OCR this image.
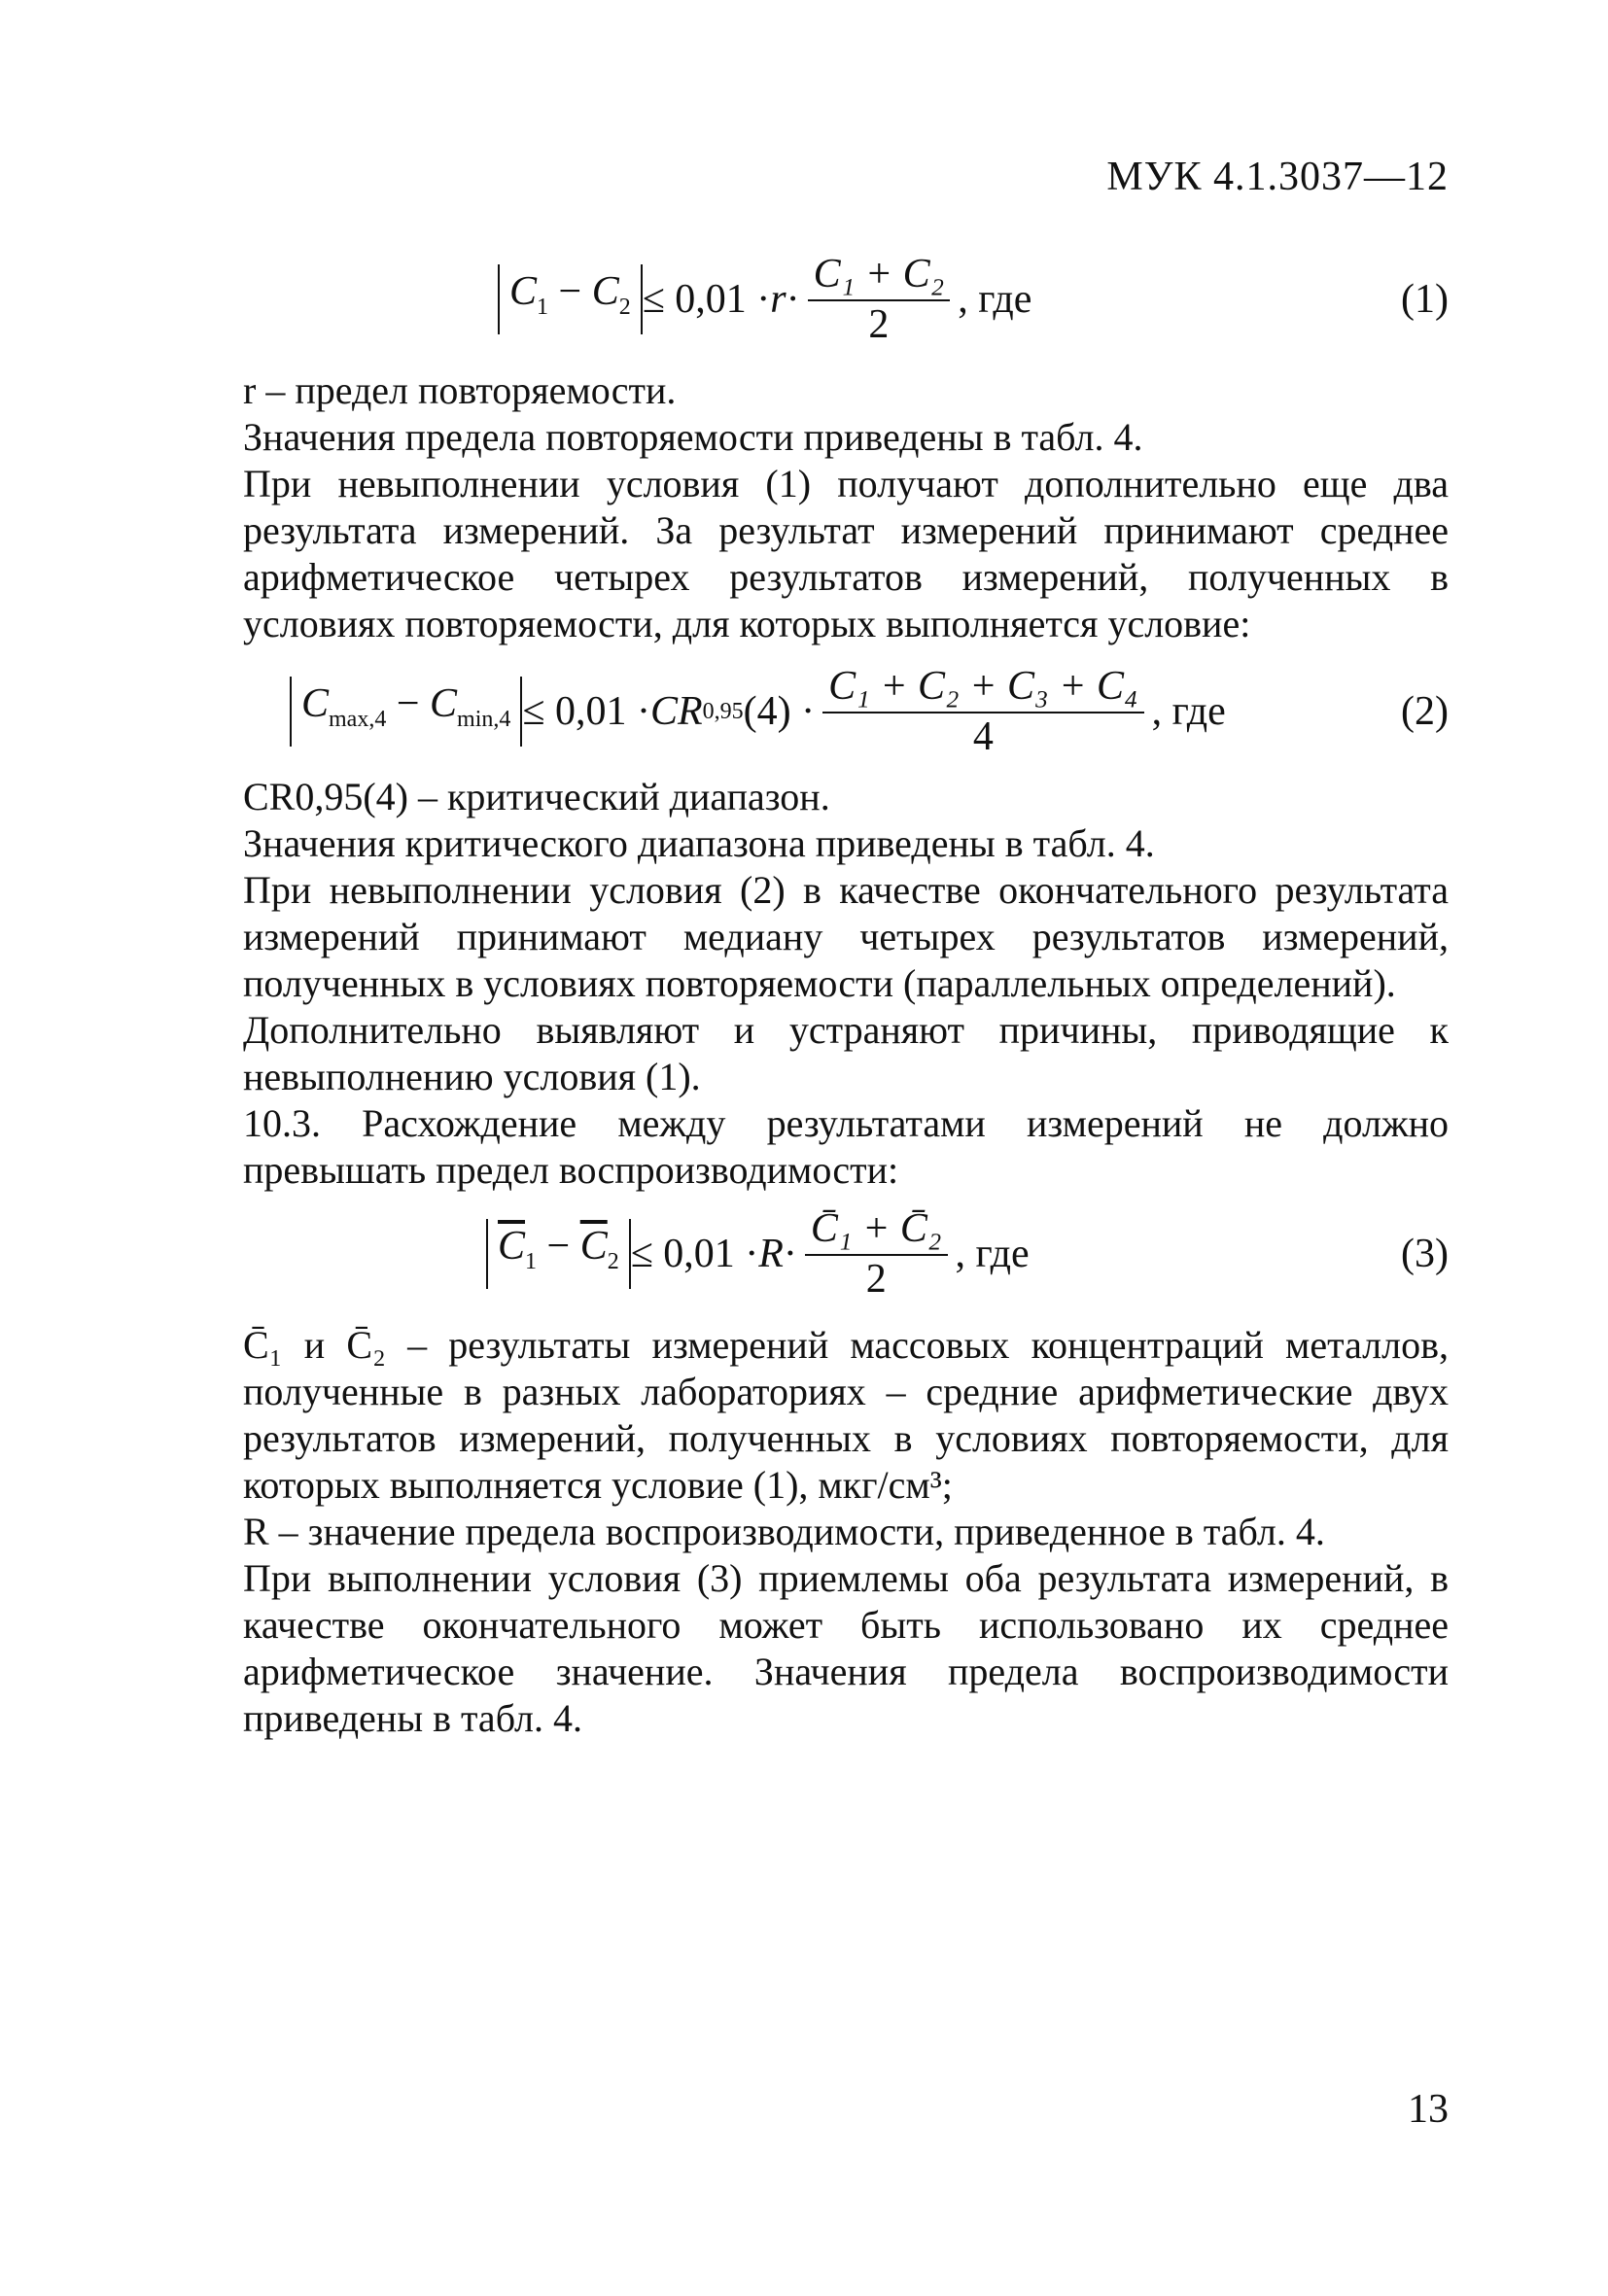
МУК 4.1.3037—12
$C_1 - C_2 \le 0,01 \cdot r \cdot \frac{\text{C₁ + C₂}}{2}$ , где	(1)

r – предел повторяемости.

Значения предела повторяемости приведены в табл. 4.

При невыполнении условия (1) получают дополнительно еще два результата измерений. За результат измерений принимают среднее арифметическое четырех результатов измерений, полученных в условиях повторяемости, для которых выполняется условие:

$C_{max,4} - C_{min,4} \le 0,01$ · CR 0,95 $(4) \cdot \frac{\text{C₁ + C₂ + C₃ + C₄}}{4}$ , где	(2)

CR0,95(4) – критический диапазон.

Значения критического диапазона приведены в табл. 4.

При невыполнении условия (2) в качестве окончательного результата измерений принимают медиану четырех результатов измерений, полученных в условиях повторяемости (параллельных определений).

Дополнительно выявляют и устраняют причины, приводящие к невыполнению условия (1).

10.3. Расхождение между результатами измерений не должно превышать предел воспроизводимости:

$\overline{C}_1 - \overline{C}_2 \le 0,01 \cdot R \cdot \frac{\text{C̄₁ + C̄₂}}{2}$ , где	(3)

C̄₁ и C̄₂ – результаты измерений массовых концентраций металлов, полученные в разных лабораториях – средние арифметические двух результатов измерений, полученных в условиях повторяемости, для которых выполняется условие (1), мкг/см³;

R – значение предела воспроизводимости, приведенное в табл. 4.

При выполнении условия (3) приемлемы оба результата измерений, в качестве окончательного может быть использовано их среднее арифметическое значение. Значения предела воспроизводимости приведены в табл. 4.

13
